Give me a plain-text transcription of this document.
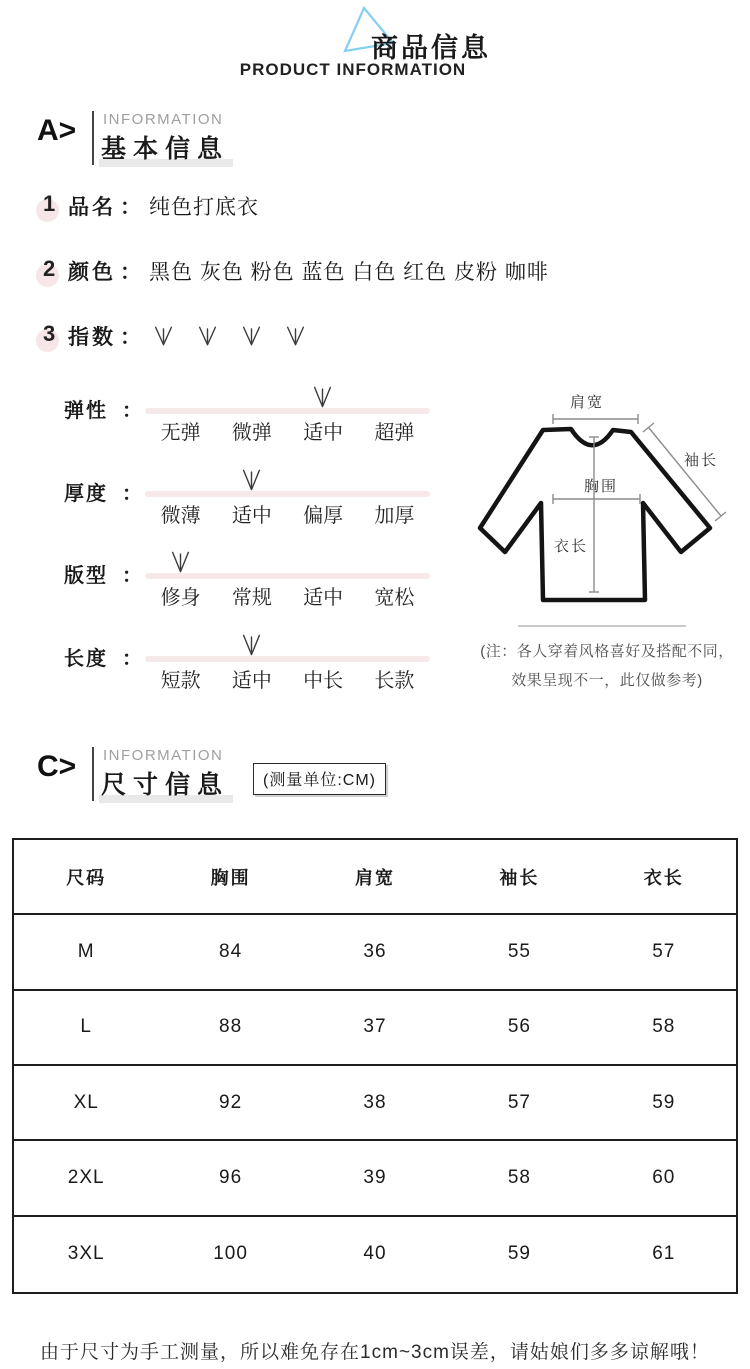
商品信息
PRODUCT INFORMATION
A> INFORMATION
基本信息
1 品名 ： 纯色打底衣
2 颜色 ： 黑色 灰色 粉色 蓝色 白色 红色 皮粉 咖啡
3 指数 ：
弹性 ：
无弹	微弹	适中	超弹
厚度 ：
微薄	适中	偏厚	加厚
版型 ：
修身	常规	适中	宽松
长度 ：
短款	适中	中长	长款
肩宽
袖长
胸围
衣长
(注：各人穿着风格喜好及搭配不同，效果呈现不一，此仅做参考)
C> INFORMATION
尺寸信息	(测量单位:CM)
尺码	胸围	肩宽	袖长	衣长
M	84	36	55	57
L	88	37	56	58
XL	92	38	57	59
2XL	96	39	58	60
3XL	100	40	59	61
由于尺寸为手工测量，所以难免存在1cm~3cm误差，请姑娘们多多谅解哦！
